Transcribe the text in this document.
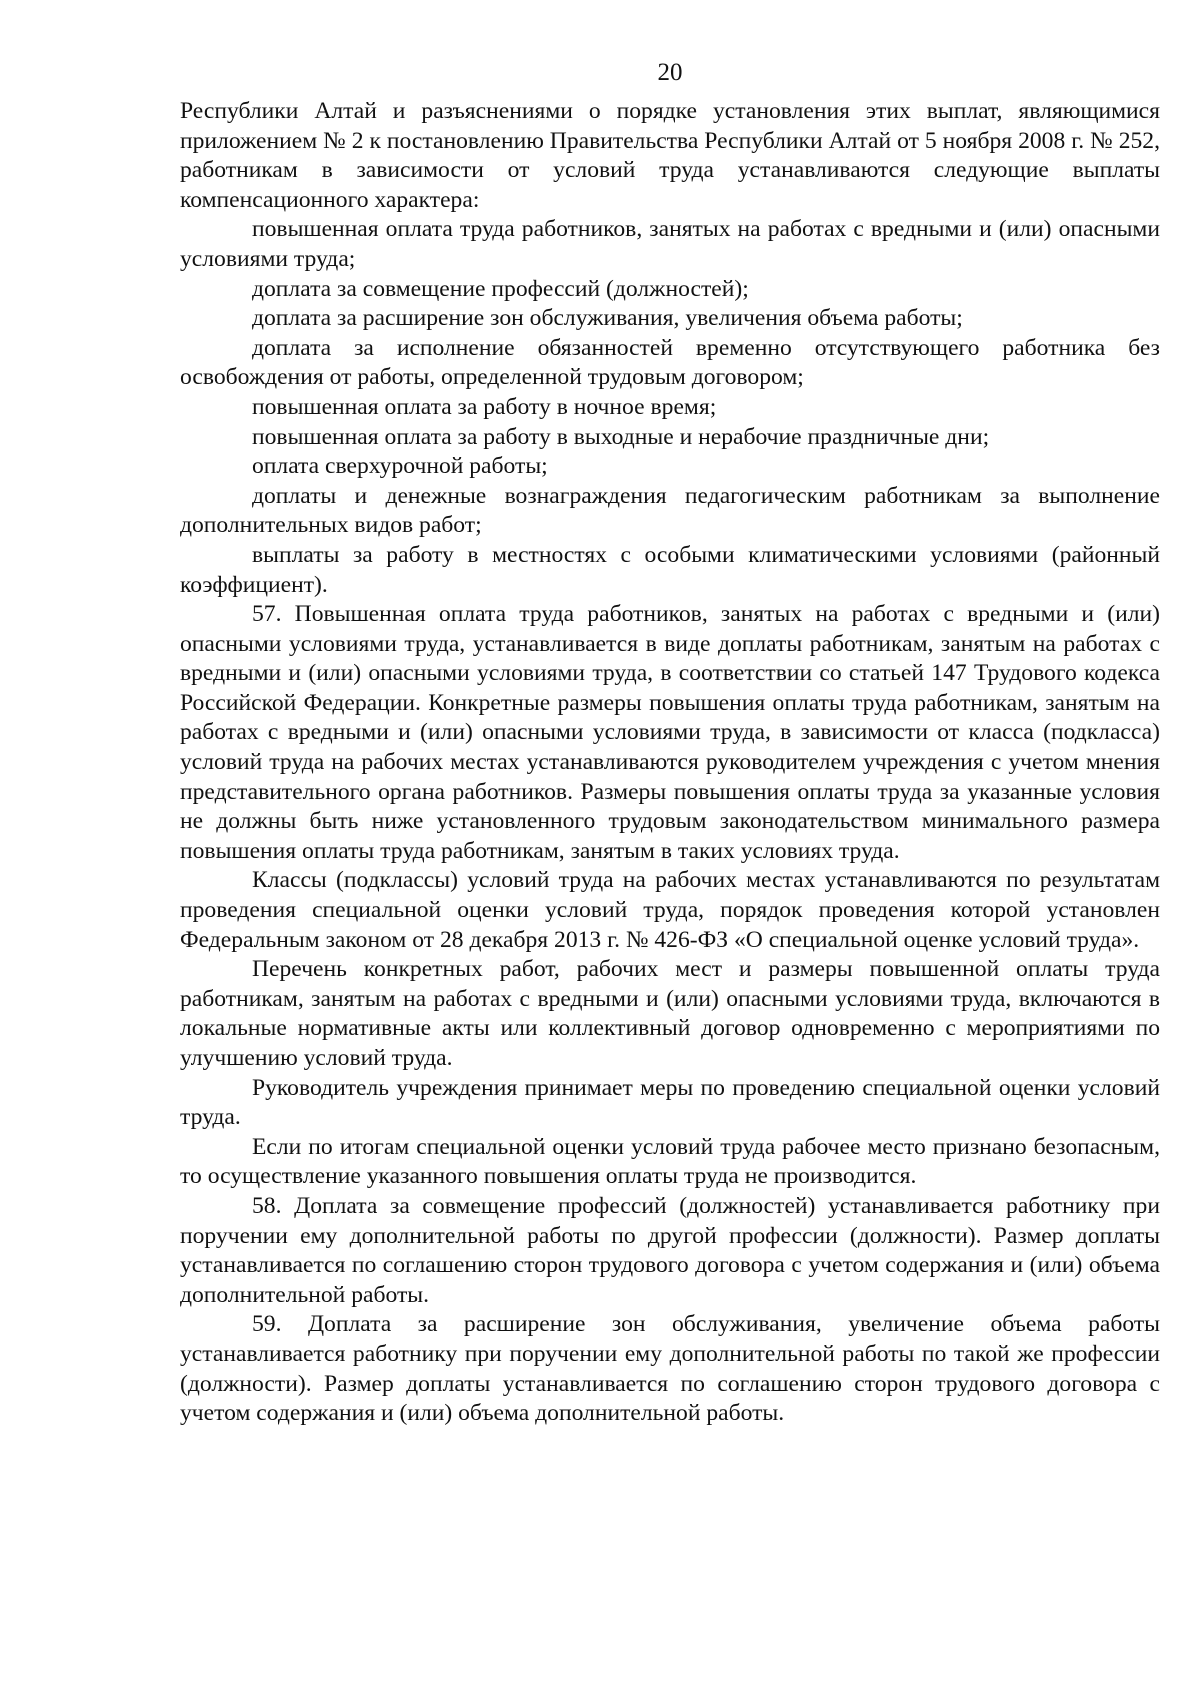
20

Республики Алтай и разъяснениями о порядке установления этих выплат, являющимися приложением № 2 к постановлению Правительства Республики Алтай от 5 ноября 2008 г. № 252, работникам в зависимости от условий труда устанавливаются следующие выплаты компенсационного характера:

повышенная оплата труда работников, занятых на работах с вредными и (или) опасными условиями труда;

доплата за совмещение профессий (должностей);

доплата за расширение зон обслуживания, увеличения объема работы;

доплата за исполнение обязанностей временно отсутствующего работника без освобождения от работы, определенной трудовым договором;

повышенная оплата за работу в ночное время;

повышенная оплата за работу в выходные и нерабочие праздничные дни;

оплата сверхурочной работы;

доплаты и денежные вознаграждения педагогическим работникам за выполнение дополнительных видов работ;

выплаты за работу в местностях с особыми климатическими условиями (районный коэффициент).

57. Повышенная оплата труда работников, занятых на работах с вредными и (или) опасными условиями труда, устанавливается в виде доплаты работникам, занятым на работах с вредными и (или) опасными условиями труда, в соответствии со статьей 147 Трудового кодекса Российской Федерации. Конкретные размеры повышения оплаты труда работникам, занятым на работах с вредными и (или) опасными условиями труда, в зависимости от класса (подкласса) условий труда на рабочих местах устанавливаются руководителем учреждения с учетом мнения представительного органа работников. Размеры повышения оплаты труда за указанные условия не должны быть ниже установленного трудовым законодательством минимального размера повышения оплаты труда работникам, занятым в таких условиях труда.

Классы (подклассы) условий труда на рабочих местах устанавливаются по результатам проведения специальной оценки условий труда, порядок проведения которой установлен Федеральным законом от 28 декабря 2013 г. № 426-ФЗ «О специальной оценке условий труда».

Перечень конкретных работ, рабочих мест и размеры повышенной оплаты труда работникам, занятым на работах с вредными и (или) опасными условиями труда, включаются в локальные нормативные акты или коллективный договор одновременно с мероприятиями по улучшению условий труда.

Руководитель учреждения принимает меры по проведению специальной оценки условий труда.

Если по итогам специальной оценки условий труда рабочее место признано безопасным, то осуществление указанного повышения оплаты труда не производится.

58. Доплата за совмещение профессий (должностей) устанавливается работнику при поручении ему дополнительной работы по другой профессии (должности). Размер доплаты устанавливается по соглашению сторон трудового договора с учетом содержания и (или) объема дополнительной работы.

59. Доплата за расширение зон обслуживания, увеличение объема работы устанавливается работнику при поручении ему дополнительной работы по такой же профессии (должности). Размер доплаты устанавливается по соглашению сторон трудового договора с учетом содержания и (или) объема дополнительной работы.
